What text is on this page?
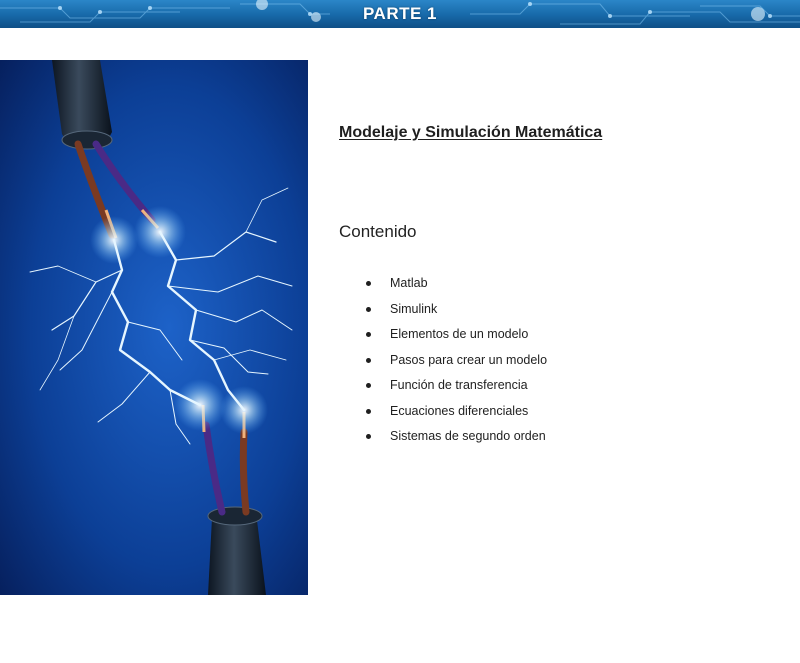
PARTE 1
Modelaje y Simulación Matemática
Contenido
Matlab
Simulink
Elementos de un modelo
Pasos para crear un modelo
Función de transferencia
Ecuaciones diferenciales
Sistemas de segundo orden
